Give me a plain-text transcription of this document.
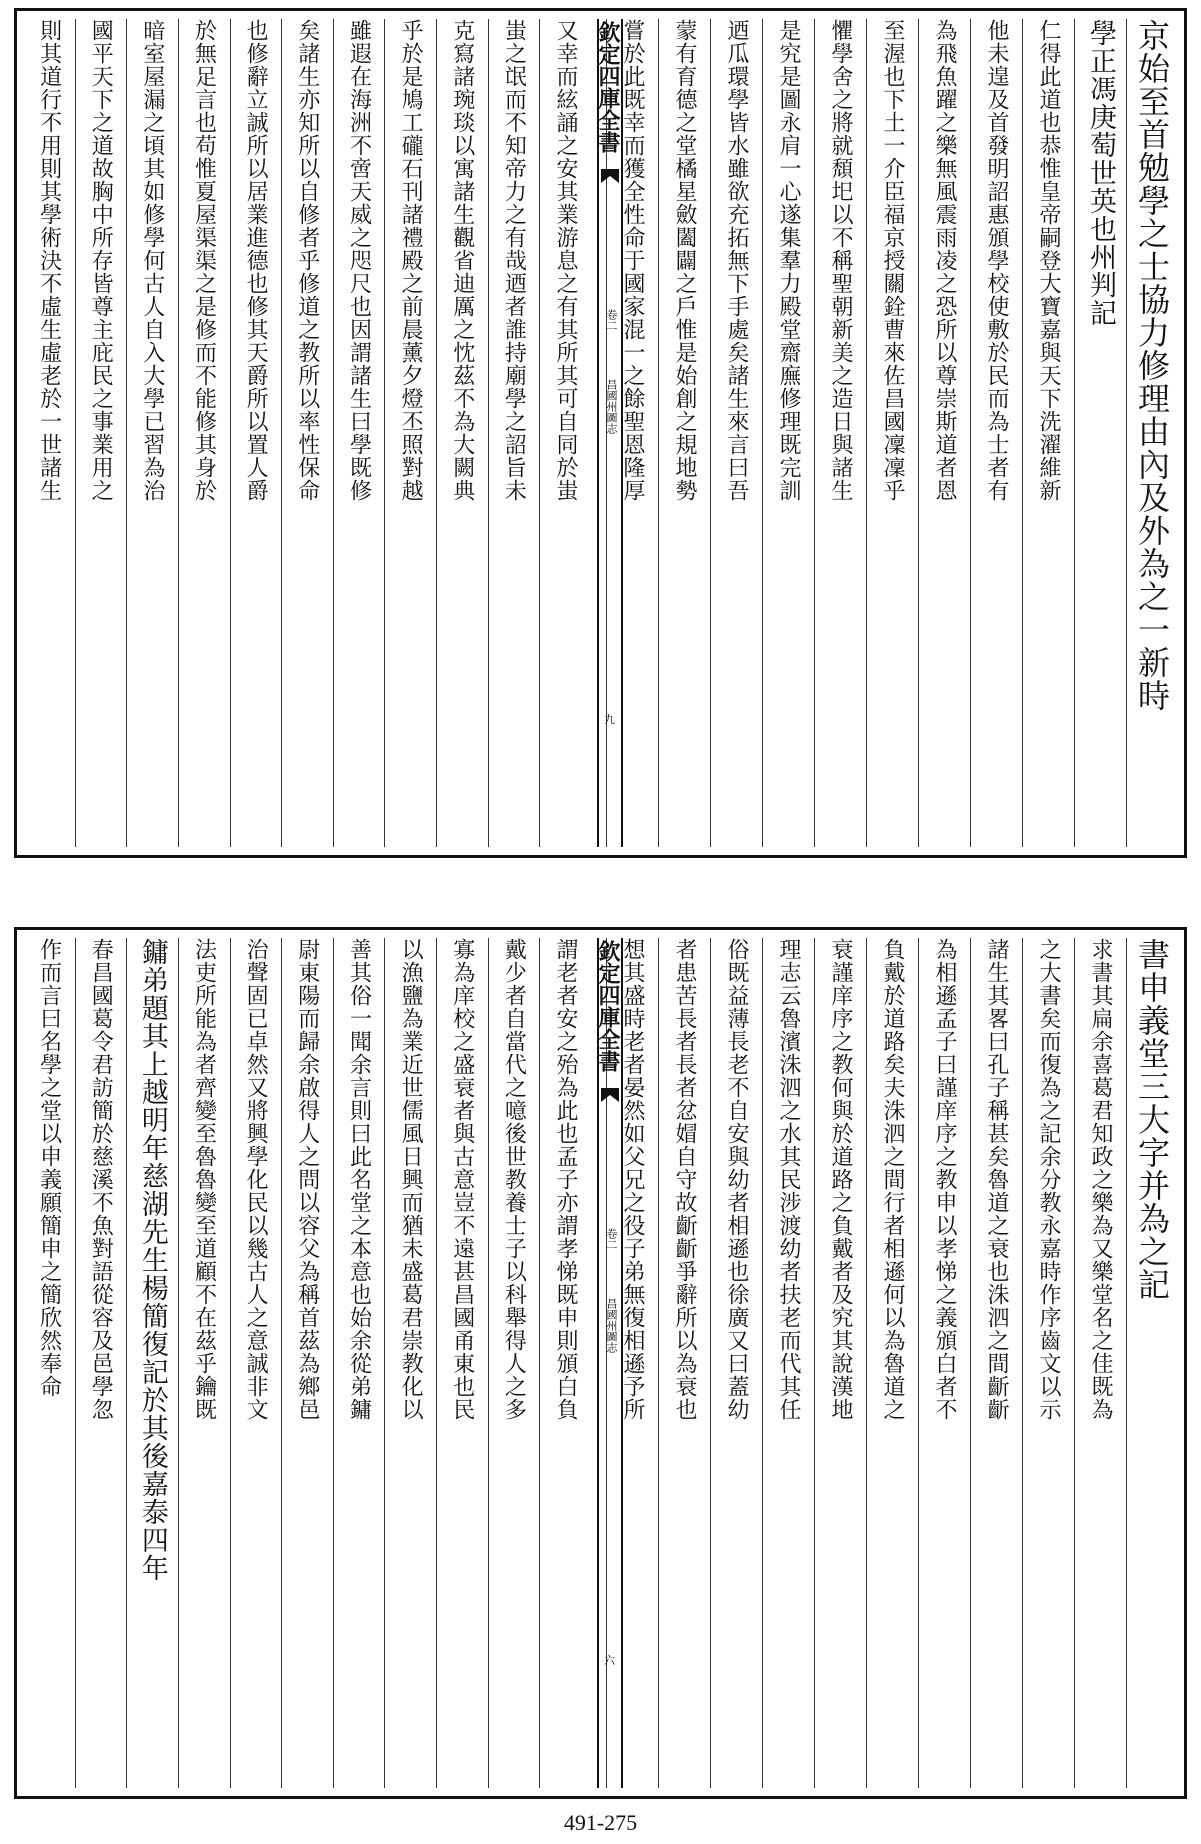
京始至首勉學之士協力修理由內及外為之一新時
學正馮庚萄世英也州判記
仁得此道也恭惟皇帝嗣登大寶嘉與天下洗濯維新
他未遑及首發明詔惠頒學校使敷於民而為士者有
為飛魚躍之樂無風震雨凌之恐所以尊崇斯道者恩
至渥也下土一介臣福京授關銓曹來佐昌國凜凜乎
懼學舍之將就頹圯以不稱聖朝新美之造日與諸生
是究是圖永肩一心遂集羣力殿堂齋廡修理既完訓
迺瓜環學皆水雖欲充拓無下手處矣諸生來言曰吾
蒙有育德之堂橘星斂闔闢之戶惟是始創之規地勢
嘗於此既幸而獲全性命于國家混一之餘聖恩隆厚
欽定四庫全書
卷二
昌國州圖志
九
又幸而絃誦之安其業游息之有其所其可自同於蚩
蚩之氓而不知帝力之有哉迺者誰持廟學之詔旨未
克寫諸琬琰以寓諸生觀省迪厲之忱茲不為大闕典
乎於是鳩工礲石刊諸禮殿之前晨薰夕燈丕照對越
雖遐在海洲不啻天威之咫尺也因謂諸生曰學既修
矣諸生亦知所以自修者乎修道之教所以率性保命
也修辭立誠所以居業進德也修其天爵所以置人爵
於無足言也苟惟夏屋渠渠之是修而不能修其身於
暗室屋漏之頃其如修學何古人自入大學已習為治
國平天下之道故胸中所存皆尊主庇民之事業用之
則其道行不用則其學術決不虛生虛老於一世諸生
書申義堂三大字并為之記
求書其扁余喜葛君知政之樂為又樂堂名之佳既為
之大書矣而復為之記余分教永嘉時作序齒文以示
諸生其畧曰孔子稱甚矣魯道之衰也洙泗之間齗齗
為相遜孟子曰謹庠序之教申以孝悌之義頒白者不
負戴於道路矣夫洙泗之間行者相遜何以為魯道之
衰謹庠序之教何與於道路之負戴者及究其說漢地
理志云魯濱洙泗之水其民涉渡幼者扶老而代其任
俗既益薄長老不自安與幼者相遜也徐廣又曰蓋幼
者患苦長者長者忿媢自守故齗齗爭辭所以為衰也
想其盛時老者晏然如父兄之役子弟無復相遜予所
欽定四庫全書
卷二
昌國州圖志
六
謂老者安之殆為此也孟子亦謂孝悌既申則頒白負
戴少者自當代之噫後世教養士子以科舉得人之多
寡為庠校之盛衰者與古意豈不遠甚昌國甬東也民
以漁鹽為業近世儒風日興而猶未盛葛君崇教化以
善其俗一聞余言則曰此名堂之本意也始余從弟鏞
尉東陽而歸余啟得人之問以容父為稱首茲為鄉邑
治聲固已卓然又將興學化民以幾古人之意誠非文
法吏所能為者齊變至魯魯變至道顧不在茲乎鑰既
鏞弟題其上越明年慈湖先生楊簡復記於其後嘉泰四年
春昌國葛令君訪簡於慈溪不魚對語從容及邑學忽
作而言曰名學之堂以申義願簡申之簡欣然奉命
491-275
